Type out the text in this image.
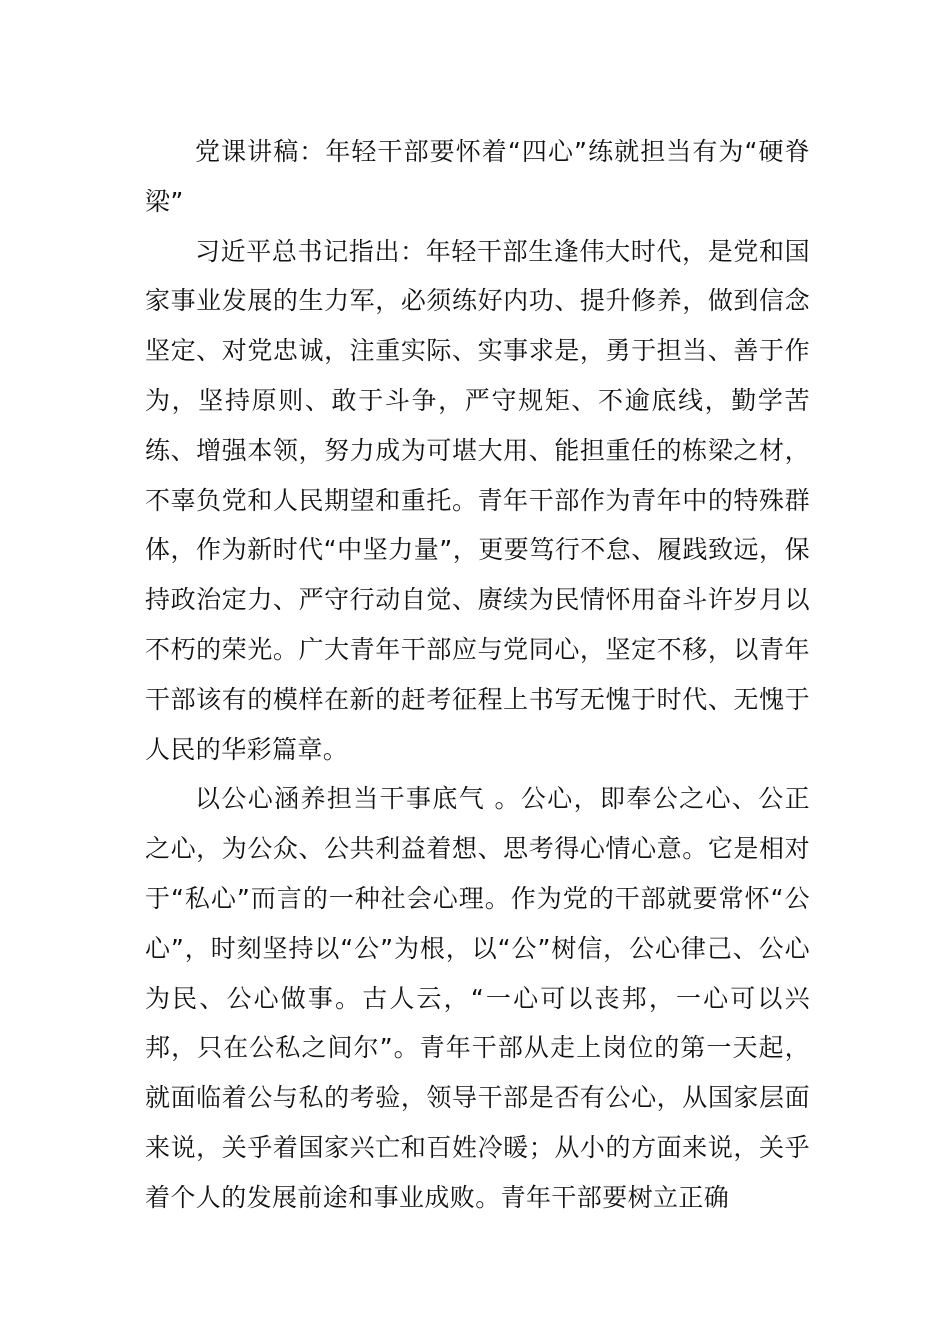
党课讲稿：年轻干部要怀着“四心”练就担当有为“硬脊梁”

习近平总书记指出：年轻干部生逢伟大时代，是党和国家事业发展的生力军，必须练好内功、提升修养，做到信念坚定、对党忠诚，注重实际、实事求是，勇于担当、善于作为，坚持原则、敢于斗争，严守规矩、不逾底线，勤学苦练、增强本领，努力成为可堪大用、能担重任的栋梁之材，不辜负党和人民期望和重托。青年干部作为青年中的特殊群体，作为新时代“中坚力量”，更要笃行不怠、履践致远，保持政治定力、严守行动自觉、赓续为民情怀用奋斗许岁月以不朽的荣光。广大青年干部应与党同心，坚定不移，以青年干部该有的模样在新的赶考征程上书写无愧于时代、无愧于人民的华彩篇章。

以公心涵养担当干事底气 。公心，即奉公之心、公正之心，为公众、公共利益着想、思考得心情心意。它是相对于“私心”而言的一种社会心理。作为党的干部就要常怀“公心”，时刻坚持以“公”为根，以“公”树信，公心律己、公心为民、公心做事。古人云，“一心可以丧邦，一心可以兴邦，只在公私之间尔”。青年干部从走上岗位的第一天起，就面临着公与私的考验，领导干部是否有公心，从国家层面来说，关乎着国家兴亡和百姓冷暖；从小的方面来说，关乎着个人的发展前途和事业成败。青年干部要树立正确
